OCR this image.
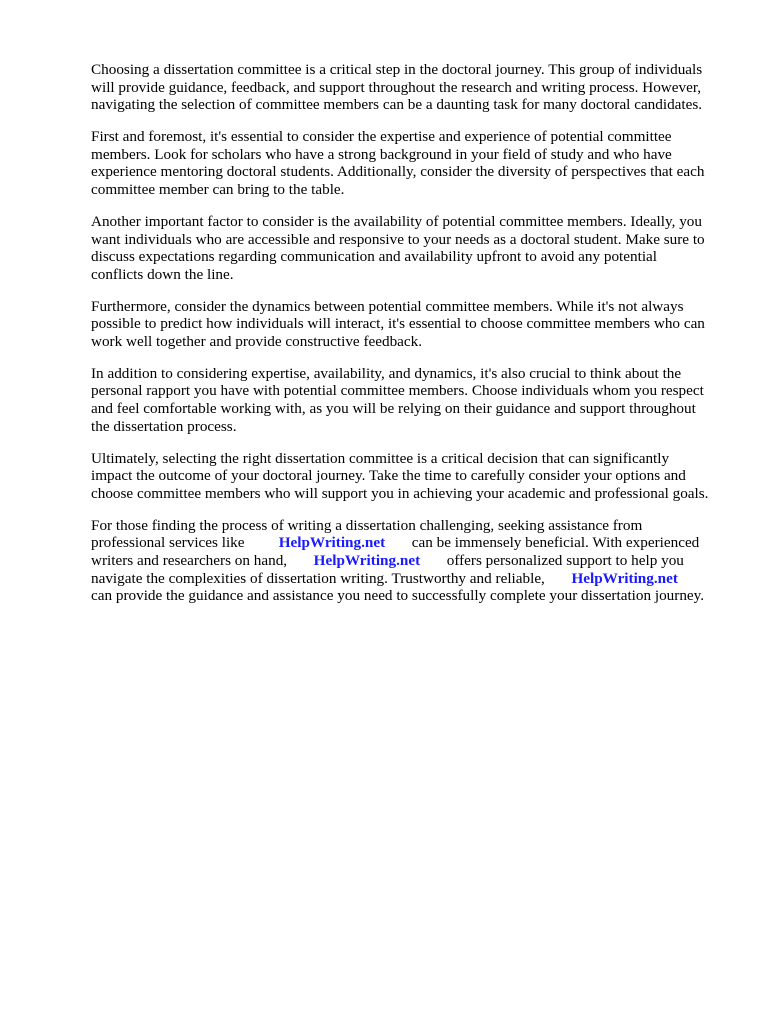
Choosing a dissertation committee is a critical step in the doctoral journey. This group of individuals
will provide guidance, feedback, and support throughout the research and writing process. However,
navigating the selection of committee members can be a daunting task for many doctoral candidates.
First and foremost, it's essential to consider the expertise and experience of potential committee
members. Look for scholars who have a strong background in your field of study and who have
experience mentoring doctoral students. Additionally, consider the diversity of perspectives that each
committee member can bring to the table.
Another important factor to consider is the availability of potential committee members. Ideally, you
want individuals who are accessible and responsive to your needs as a doctoral student. Make sure to
discuss expectations regarding communication and availability upfront to avoid any potential
conflicts down the line.
Furthermore, consider the dynamics between potential committee members. While it's not always
possible to predict how individuals will interact, it's essential to choose committee members who can
work well together and provide constructive feedback.
In addition to considering expertise, availability, and dynamics, it's also crucial to think about the
personal rapport you have with potential committee members. Choose individuals whom you respect
and feel comfortable working with, as you will be relying on their guidance and support throughout
the dissertation process.
Ultimately, selecting the right dissertation committee is a critical decision that can significantly
impact the outcome of your doctoral journey. Take the time to carefully consider your options and
choose committee members who will support you in achieving your academic and professional goals.
For those finding the process of writing a dissertation challenging, seeking assistance from
professional services like HelpWriting.net can be immensely beneficial. With experienced
writers and researchers on hand, HelpWriting.net offers personalized support to help you
navigate the complexities of dissertation writing. Trustworthy and reliable, HelpWriting.net
can provide the guidance and assistance you need to successfully complete your dissertation journey.
